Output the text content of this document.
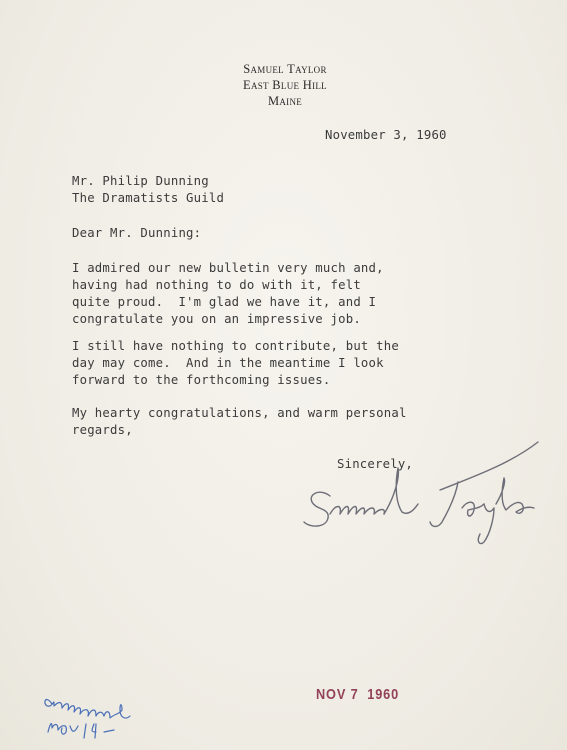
Samuel Taylor
East Blue Hill
Maine
November 3, 1960
Mr. Philip Dunning
The Dramatists Guild
Dear Mr. Dunning:
I admired our new bulletin very much and,
having had nothing to do with it, felt
quite proud.  I'm glad we have it, and I
congratulate you on an impressive job.
I still have nothing to contribute, but the
day may come.  And in the meantime I look
forward to the forthcoming issues.
My hearty congratulations, and warm personal
regards,
Sincerely,
NOV 7  1960
